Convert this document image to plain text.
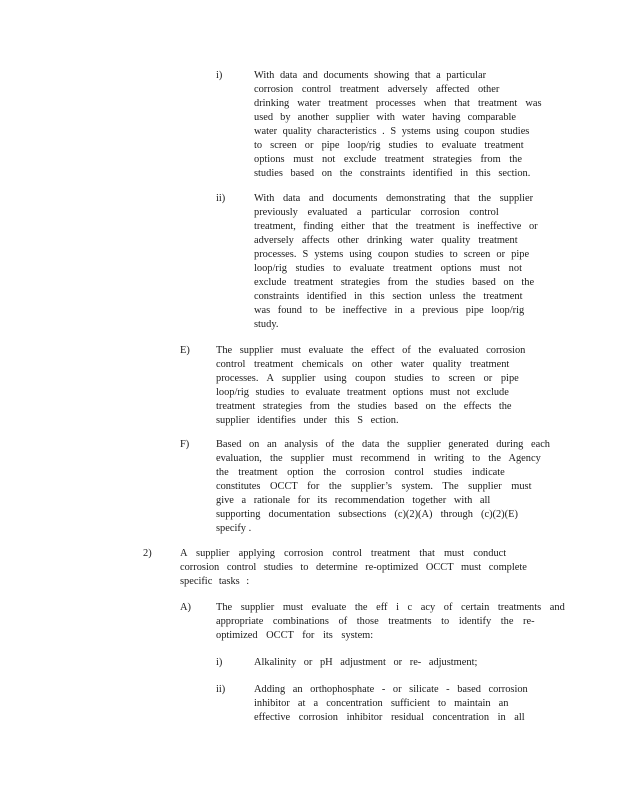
i)	With data and documents showing that a particular
corrosion control treatment adversely affected other
drinking water treatment processes when that treatment was
used by another supplier with water having comparable
water quality characteristics . S ystems using coupon studies
to screen or pipe loop/rig studies to evaluate treatment
options must not exclude treatment strategies from the
studies based on the constraints identified in this section.
ii)	With data and documents demonstrating that the supplier
previously evaluated a particular corrosion control
treatment, finding either that the treatment is ineffective or
adversely affects other drinking water quality treatment
processes. S ystems using coupon studies to screen or pipe
loop/rig studies to evaluate treatment options must not
exclude treatment strategies from the studies based on the
constraints identified in this section unless the treatment
was found to be ineffective in a previous pipe loop/rig
study.
E)	The supplier must evaluate the effect of the evaluated corrosion
control treatment chemicals on other water quality treatment
processes. A supplier using coupon studies to screen or pipe
loop/rig studies to evaluate treatment options must not exclude
treatment strategies from the studies based on the effects the
supplier identifies under this S ection.
F)	Based on an analysis of the data the supplier generated during each
evaluation, the supplier must recommend in writing to the Agency
the treatment option the corrosion control studies indicate
constitutes OCCT for the supplier’s system. The supplier must
give a rationale for its recommendation together with all
supporting documentation subsections (c)(2)(A) through (c)(2)(E)
specify .
2)	A supplier applying corrosion control treatment that must conduct
corrosion control studies to determine re-optimized OCCT must complete
specific tasks :
A) The supplier must evaluate the eff i c acy of certain treatments and
appropriate combinations of those treatments to identify the re-
optimized OCCT for its system:
i)	Alkalinity or pH adjustment or re- adjustment;
ii)	Adding an orthophosphate - or silicate - based corrosion
inhibitor at a concentration sufficient to maintain an
effective corrosion inhibitor residual concentration in all
